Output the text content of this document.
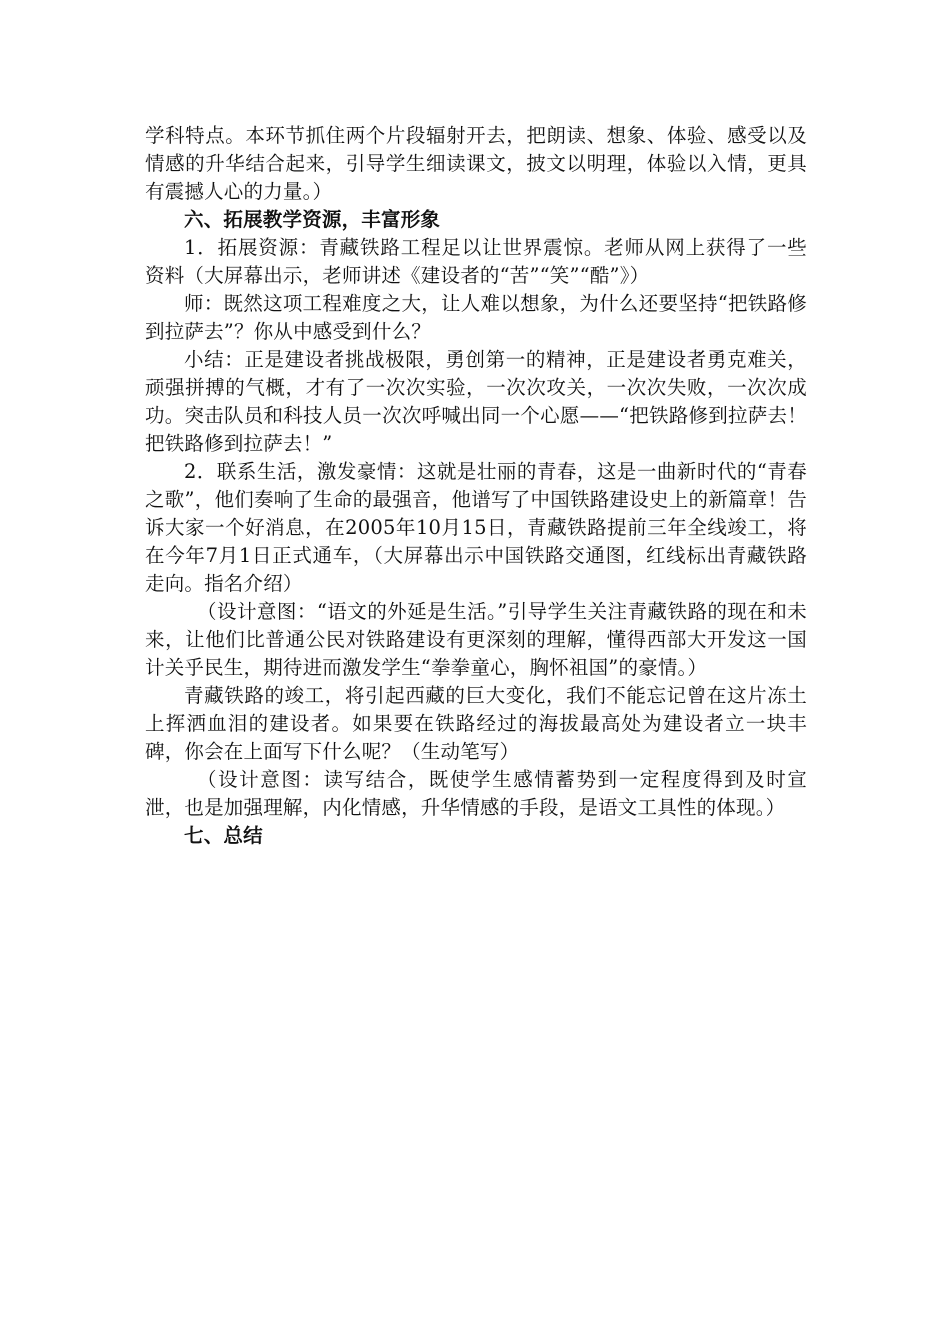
学科特点。本环节抓住两个片段辐射开去，把朗读、想象、体验、感受以及情感的升华结合起来，引导学生细读课文，披文以明理，体验以入情，更具有震撼人心的力量。）

六、拓展教学资源，丰富形象

1．拓展资源：青藏铁路工程足以让世界震惊。老师从网上获得了一些资料（大屏幕出示，老师讲述《建设者的“苦”“笑”“酷”》）

师：既然这项工程难度之大，让人难以想象，为什么还要坚持“把铁路修到拉萨去”？你从中感受到什么？

小结：正是建设者挑战极限，勇创第一的精神，正是建设者勇克难关，顽强拼搏的气概，才有了一次次实验，一次次攻关，一次次失败，一次次成功。突击队员和科技人员一次次呼喊出同一个心愿——“把铁路修到拉萨去！把铁路修到拉萨去！”

2．联系生活，激发豪情：这就是壮丽的青春，这是一曲新时代的“青春之歌”，他们奏响了生命的最强音，他谱写了中国铁路建设史上的新篇章！告诉大家一个好消息，在2005年10月15日，青藏铁路提前三年全线竣工，将在今年7月1日正式通车，（大屏幕出示中国铁路交通图，红线标出青藏铁路走向。指名介绍）

（设计意图：“语文的外延是生活。”引导学生关注青藏铁路的现在和未来，让他们比普通公民对铁路建设有更深刻的理解，懂得西部大开发这一国计关乎民生，期待进而激发学生“拳拳童心，胸怀祖国”的豪情。）

青藏铁路的竣工，将引起西藏的巨大变化，我们不能忘记曾在这片冻土上挥洒血泪的建设者。如果要在铁路经过的海拔最高处为建设者立一块丰碑，你会在上面写下什么呢？（生动笔写）

（设计意图：读写结合，既使学生感情蓄势到一定程度得到及时宣泄，也是加强理解，内化情感，升华情感的手段，是语文工具性的体现。）

七、总结
